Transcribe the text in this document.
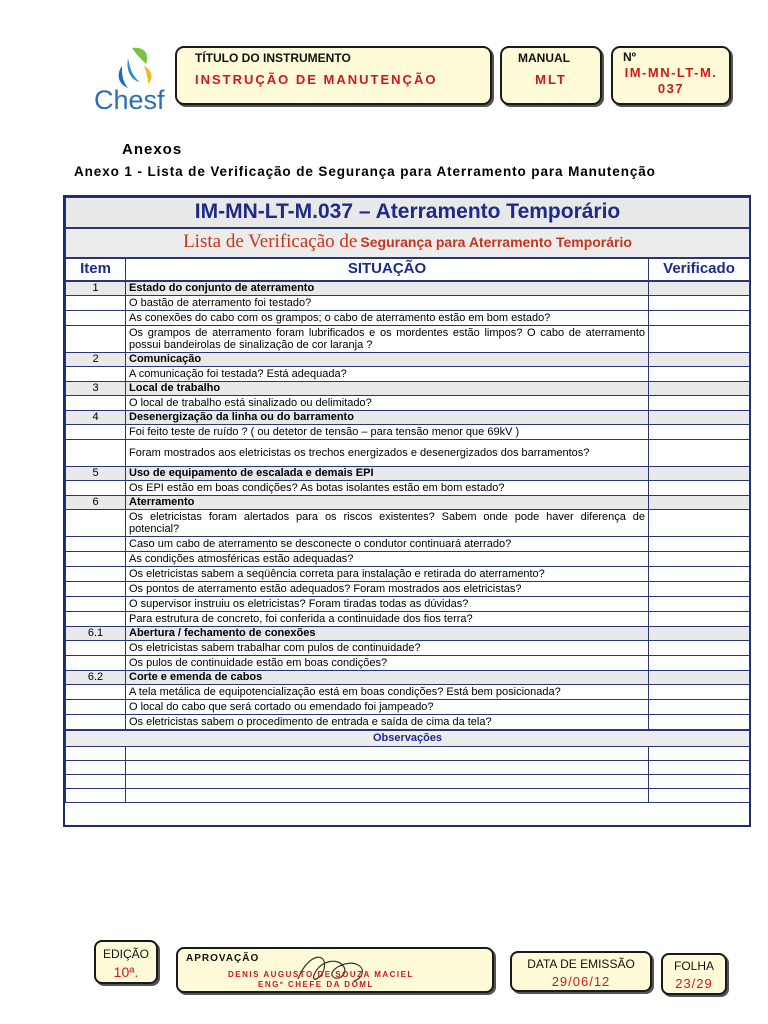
Chesf
TÍTULO DO INSTRUMENTO
INSTRUÇÃO DE MANUTENÇÃO
MANUAL
MLT
Nº
IM-MN-LT-M.
037
Anexos
Anexo 1 - Lista de Verificação de Segurança para Aterramento para Manutenção
IM-MN-LT-M.037 – Aterramento Temporário		
Lista de Verificação de Segurança para Aterramento Temporário		
Item	SITUAÇÃO	Verificado
1	Estado do conjunto de aterramento	
	O bastão de aterramento foi testado?	
	As conexões do cabo com os grampos; o cabo de aterramento estão em bom estado?	
	Os grampos de aterramento foram lubrificados e os mordentes estão limpos? O cabo de aterramento possui bandeirolas de sinalização de cor laranja ?	
2	Comunicação	
	A comunicação foi testada? Está adequada?	
3	Local de trabalho	
	O local de trabalho está sinalizado ou delimitado?	
4	Desenergização da linha ou do barramento	
	Foi feito teste de ruído ? ( ou detetor de tensão – para tensão menor que 69kV )	
	Foram mostrados aos eletricistas os trechos energizados e desenergizados dos barramentos?	
5	Uso de equipamento de escalada e demais EPI	
	Os EPI estão em boas condições? As botas isolantes estão em bom estado?	
6	Aterramento	
	Os eletricistas foram alertados para os riscos existentes? Sabem onde pode haver diferença de potencial?	
	Caso um cabo de aterramento se desconecte o condutor continuará aterrado?	
	As condições atmosféricas estão adequadas?	
	Os eletricistas sabem a seqüência correta para instalação e retirada do aterramento?	
	Os pontos de aterramento estão adequados? Foram mostrados aos eletricistas?	
	O supervisor instruiu os eletricistas? Foram tiradas todas as dúvidas?	
	Para estrutura de concreto, foi conferida a continuidade dos fios terra?	
6.1	Abertura / fechamento de conexões	
	Os eletricistas sabem trabalhar com pulos de continuidade?	
	Os pulos de continuidade estão em boas condições?	
6.2	Corte e emenda de cabos	
	A tela metálica de equipotencialização está em boas condições? Está bem posicionada?	
	O local do cabo que será cortado ou emendado foi jampeado?	
	Os eletricistas sabem o procedimento de entrada e saída de cima da tela?	
Observações		

EDIÇÃO
10ª.
APROVAÇÃO
DENIS AUGUSTO DE SOUZA MACIEL
ENGº CHEFE DA DOML
DATA DE EMISSÃO
29/06/12
FOLHA
23/29
